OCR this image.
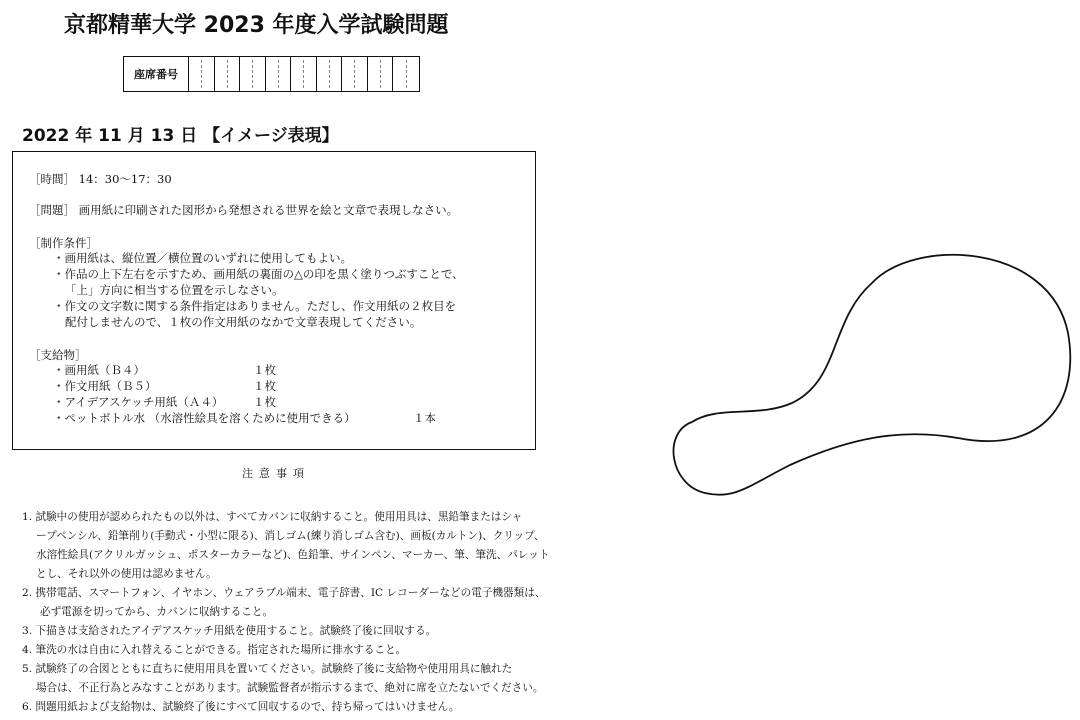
京都精華大学 2023 年度入学試験問題
座席番号
2022 年 11 月 13 日 【イメージ表現】
［時間］ 14：30〜17：30
［問題］ 画用紙に印刷された図形から発想される世界を絵と文章で表現しなさい。
［制作条件］
・画用紙は、縦位置／横位置のいずれに使用してもよい。
・作品の上下左右を示すため、画用紙の裏面の△の印を黒く塗りつぶすことで、
「上」方向に相当する位置を示しなさい。
・作文の文字数に関する条件指定はありません。ただし、作文用紙の２枚目を
配付しませんので、１枚の作文用紙のなかで文章表現してください。
［支給物］
・画用紙（Ｂ４）	１枚
・作文用紙（Ｂ５）	１枚
・アイデアスケッチ用紙（Ａ４）	１枚
・ペットボトル水 （水溶性絵具を溶くために使用できる）	１本
注意事項
1. 試験中の使用が認められたもの以外は、すべてカバンに収納すること。使用用具は、黒鉛筆またはシャ
ープペンシル、鉛筆削り(手動式・小型に限る)、消しゴム(練り消しゴム含む)、画板(カルトン)、クリップ、
水溶性絵具(アクリルガッシュ、ポスターカラーなど)、色鉛筆、サインペン、マーカー、筆、筆洗、パレット
とし、それ以外の使用は認めません。
2. 携帯電話、スマートフォン、イヤホン、ウェアラブル端末、電子辞書、IC レコーダーなどの電子機器類は、
必ず電源を切ってから、カバンに収納すること。
3. 下描きは支給されたアイデアスケッチ用紙を使用すること。試験終了後に回収する。
4. 筆洗の水は自由に入れ替えることができる。指定された場所に排水すること。
5. 試験終了の合図とともに直ちに使用用具を置いてください。試験終了後に支給物や使用用具に触れた
場合は、不正行為とみなすことがあります。試験監督者が指示するまで、絶対に席を立たないでください。
6. 問題用紙および支給物は、試験終了後にすべて回収するので、持ち帰ってはいけません。
